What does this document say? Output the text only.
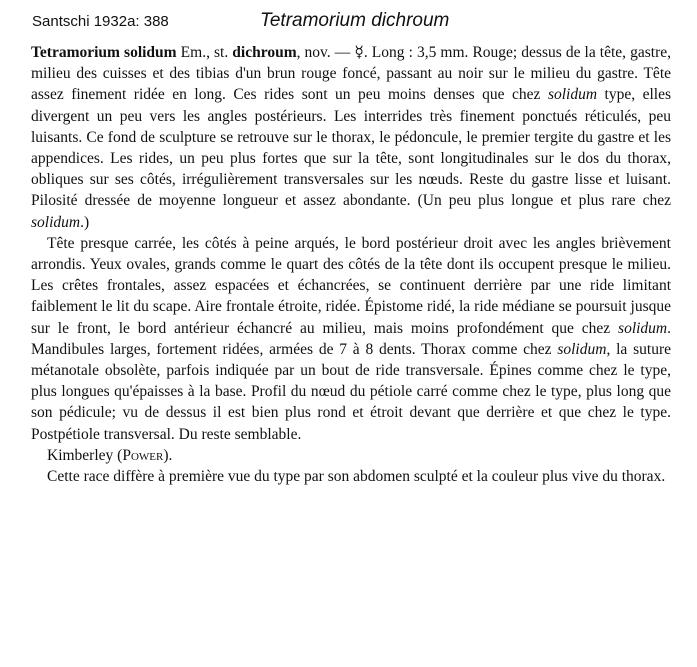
Santschi 1932a: 388	Tetramorium dichroum

Tetramorium solidum Em., st. dichroum, nov. — ☿. Long : 3,5 mm. Rouge; dessus de la tête, gastre, milieu des cuisses et des tibias d'un brun rouge foncé, passant au noir sur le milieu du gastre. Tête assez finement ridée en long. Ces rides sont un peu moins denses que chez solidum type, elles divergent un peu vers les angles postérieurs. Les interrides très finement ponctués réticulés, peu luisants. Ce fond de sculpture se retrouve sur le thorax, le pédoncule, le premier tergite du gastre et les appendices. Les rides, un peu plus fortes que sur la tête, sont longitudinales sur le dos du thorax, obliques sur ses côtés, irrégulièrement transversales sur les nœuds. Reste du gastre lisse et luisant. Pilosité dressée de moyenne longueur et assez abondante. (Un peu plus longue et plus rare chez solidum.)

Tête presque carrée, les côtés à peine arqués, le bord postérieur droit avec les angles brièvement arrondis. Yeux ovales, grands comme le quart des côtés de la tête dont ils occupent presque le milieu. Les crêtes frontales, assez espacées et échancrées, se continuent derrière par une ride limitant faiblement le lit du scape. Aire frontale étroite, ridée. Épistome ridé, la ride médiane se poursuit jusque sur le front, le bord antérieur échancré au milieu, mais moins profondément que chez solidum. Mandibules larges, fortement ridées, armées de 7 à 8 dents. Thorax comme chez solidum, la suture métanotale obsolète, parfois indiquée par un bout de ride transversale. Épines comme chez le type, plus longues qu'épaisses à la base. Profil du nœud du pétiole carré comme chez le type, plus long que son pédicule; vu de dessus il est bien plus rond et étroit devant que derrière et que chez le type. Postpétiole transversal. Du reste semblable.

Kimberley (Power).

Cette race diffère à première vue du type par son abdomen sculpté et la couleur plus vive du thorax.
